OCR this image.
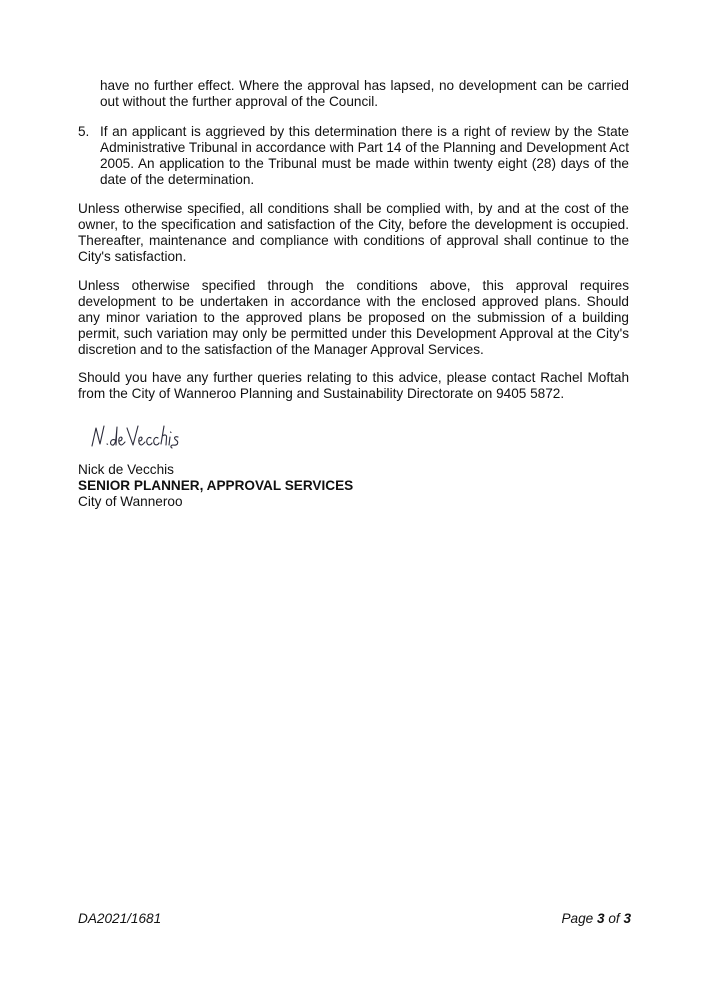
have no further effect. Where the approval has lapsed, no development can be carried out without the further approval of the Council.

5. If an applicant is aggrieved by this determination there is a right of review by the State Administrative Tribunal in accordance with Part 14 of the Planning and Development Act 2005. An application to the Tribunal must be made within twenty eight (28) days of the date of the determination.

Unless otherwise specified, all conditions shall be complied with, by and at the cost of the owner, to the specification and satisfaction of the City, before the development is occupied. Thereafter, maintenance and compliance with conditions of approval shall continue to the City's satisfaction.

Unless otherwise specified through the conditions above, this approval requires development to be undertaken in accordance with the enclosed approved plans. Should any minor variation to the approved plans be proposed on the submission of a building permit, such variation may only be permitted under this Development Approval at the City's discretion and to the satisfaction of the Manager Approval Services.

Should you have any further queries relating to this advice, please contact Rachel Moftah from the City of Wanneroo Planning and Sustainability Directorate on 9405 5872.

Nick de Vecchis
SENIOR PLANNER, APPROVAL SERVICES
City of Wanneroo
DA2021/1681	Page 3 of 3
